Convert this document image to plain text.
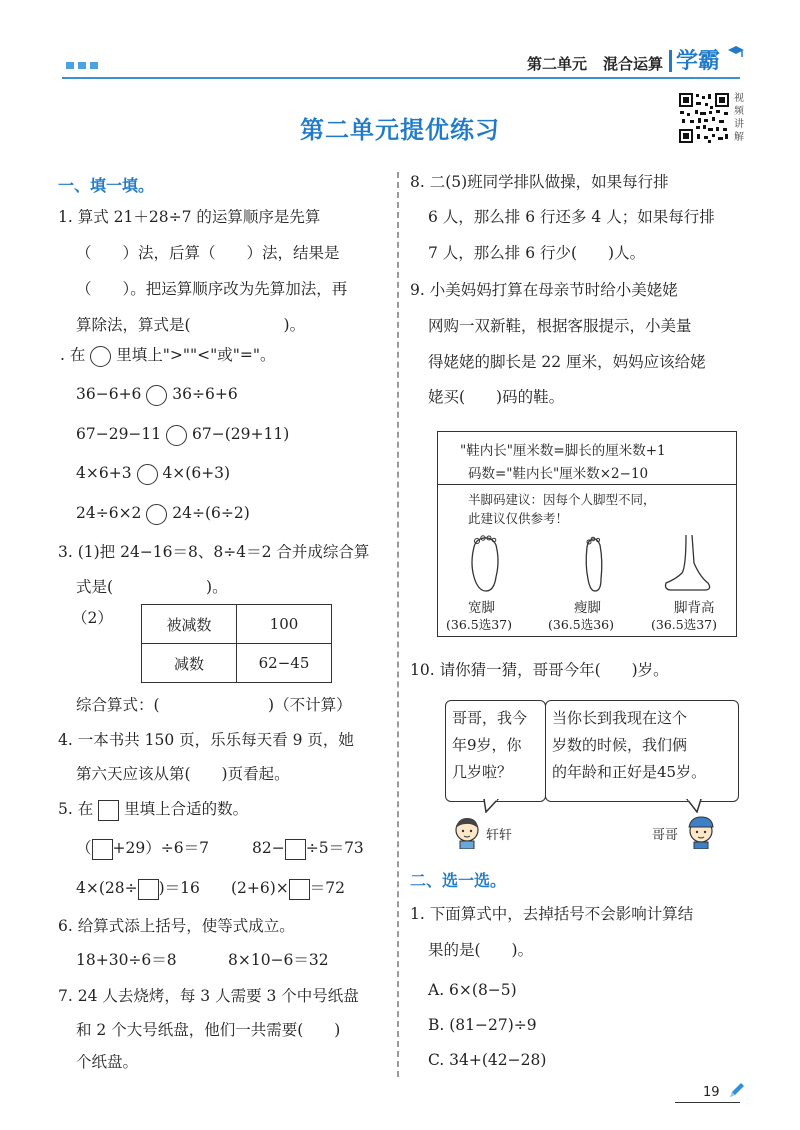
第二单元 混合运算 学霸
第二单元提优练习
视频讲解
一、填一填。
1. 算式 21＋28÷7 的运算顺序是先算
（　　）法，后算（　　）法，结果是
（　　）。把运算顺序改为先算加法，再
算除法，算式是(　　　　　　)。
. 在 里填上">""<"或"="。
36−6+6 36÷6+6
67−29−11 67−(29+11)
4×6+3 4×(6+3)
24÷6×2 24÷(6÷2)
3. (1)把 24−16＝8、8÷4＝2 合并成综合算
式是(　　　　　　)。
（2）	被减数	100
减数	62−45
综合算式：(　　　　　　　)（不计算）
4. 一本书共 150 页，乐乐每天看 9 页，她
第六天应该从第(　　)页看起。
5. 在 里填上合适的数。
（ +29）÷6＝7	82− ÷5＝73
4×(28÷ )＝16 (2+6)× ＝72
6. 给算式添上括号，使等式成立。
18+30÷6＝8	8×10−6＝32
7. 24 人去烧烤，每 3 人需要 3 个中号纸盘
和 2 个大号纸盘，他们一共需要(　　)
个纸盘。
8. 二(5)班同学排队做操，如果每行排
6 人，那么排 6 行还多 4 人；如果每行排
7 人，那么排 6 行少(　　)人。
9. 小美妈妈打算在母亲节时给小美姥姥
网购一双新鞋，根据客服提示，小美量
得姥姥的脚长是 22 厘米，妈妈应该给姥
姥买(　　)码的鞋。
"鞋内长"厘米数=脚长的厘米数+1
码数="鞋内长"厘米数×2−10
半脚码建议：因每个人脚型不同，
此建议仅供参考！
宽脚
(36.5选37)
瘦脚
(36.5选36)
脚背高
(36.5选37)
10. 请你猜一猜，哥哥今年(　　)岁。
哥哥，我今
年9岁，你
几岁啦？
当你长到我现在这个
岁数的时候，我们俩
的年龄和正好是45岁。
轩轩	哥哥
二、选一选。
1. 下面算式中，去掉括号不会影响计算结
果的是(　　)。
A. 6×(8−5)
B. (81−27)÷9
C. 34+(42−28)
19
